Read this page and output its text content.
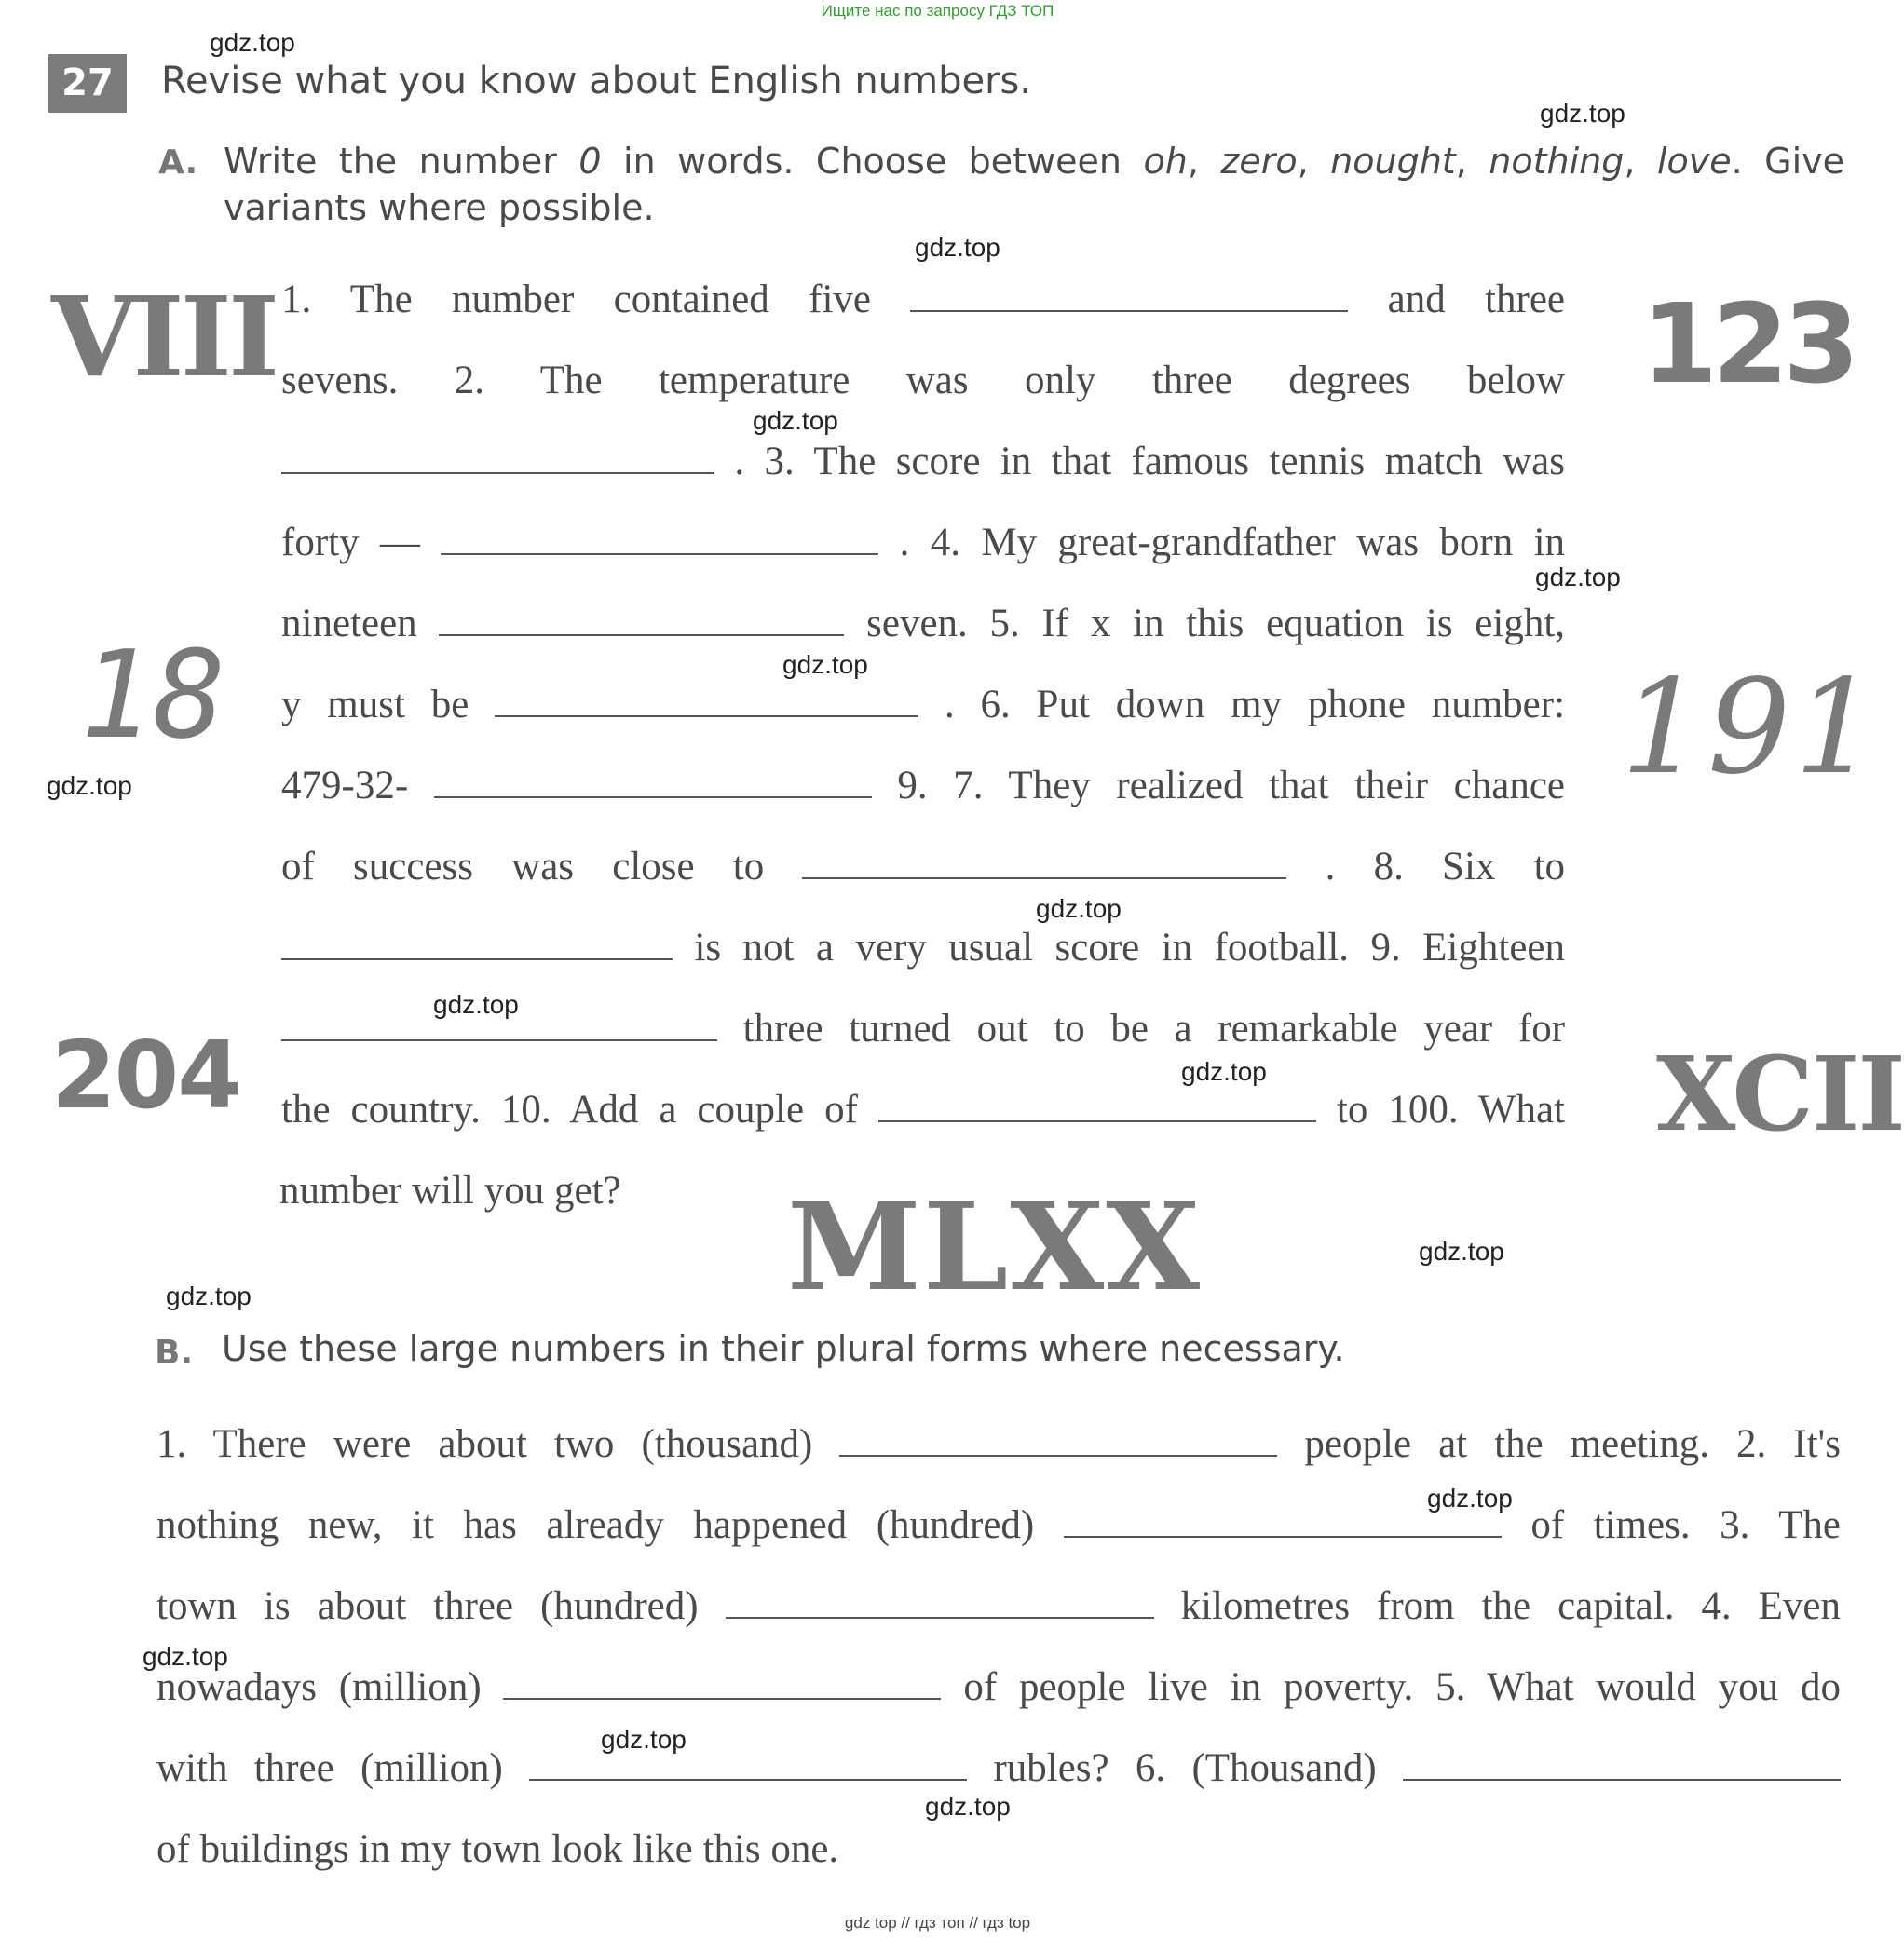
Ищите нас по запросу ГДЗ ТОП
27	Revise what you know about English numbers.
A. Write the number 0 in words. Choose between oh, zero, nought, nothing, love. Give
variants where possible.
1. The number contained five	and three
sevens. 2. The temperature was only three degrees below
. 3. The score in that famous tennis match was
forty —	. 4. My great-grandfather was born in
nineteen	seven. 5. If x in this equation is eight,
y must be	. 6. Put down my phone number:
479-32-	9. 7. They realized that their chance
of success was close to	. 8. Six to
is not a very usual score in football. 9. Eighteen
three turned out to be a remarkable year for
the country. 10. Add a couple of	to 100. What
number will you get?
VIII	123
18	191
204	XCII
MLXX
B. Use these large numbers in their plural forms where necessary.
1. There were about two (thousand)	people at the meeting. 2. It's
nothing new, it has already happened (hundred)	of times. 3. The
town is about three (hundred)	kilometres from the capital. 4. Even
nowadays (million)	of people live in poverty. 5. What would you do
with three (million)	rubles? 6. (Thousand)
of buildings in my town look like this one.
gdz.top
gdz.top
gdz.top
gdz.top
gdz.top
gdz.top
gdz.top
gdz.top
gdz.top
gdz.top
gdz.top
gdz.top
gdz.top
gdz.top
gdz.top
gdz.top
gdz top // гдз топ // гдз top
